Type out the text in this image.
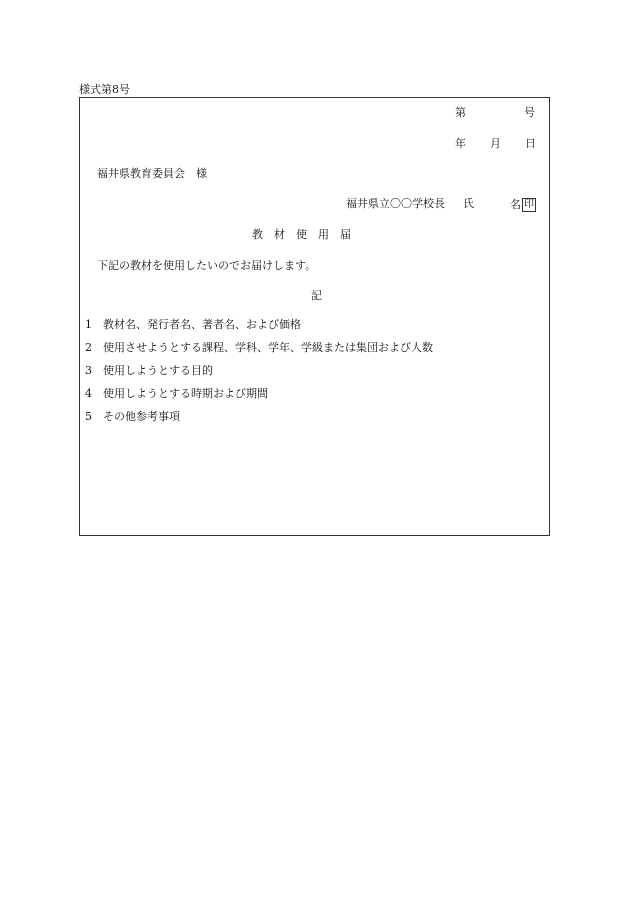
様式第8号
第	号
年 月 日
福井県教育委員会　様
福井県立〇〇学校長 氏	名 印
教　材　使　用　届
下記の教材を使用したいのでお届けします。
記
1	教材名、発行者名、著者名、および価格
2	使用させようとする課程、学科、学年、学級または集団および人数
3	使用しようとする目的
4	使用しようとする時期および期間
5	その他参考事項
